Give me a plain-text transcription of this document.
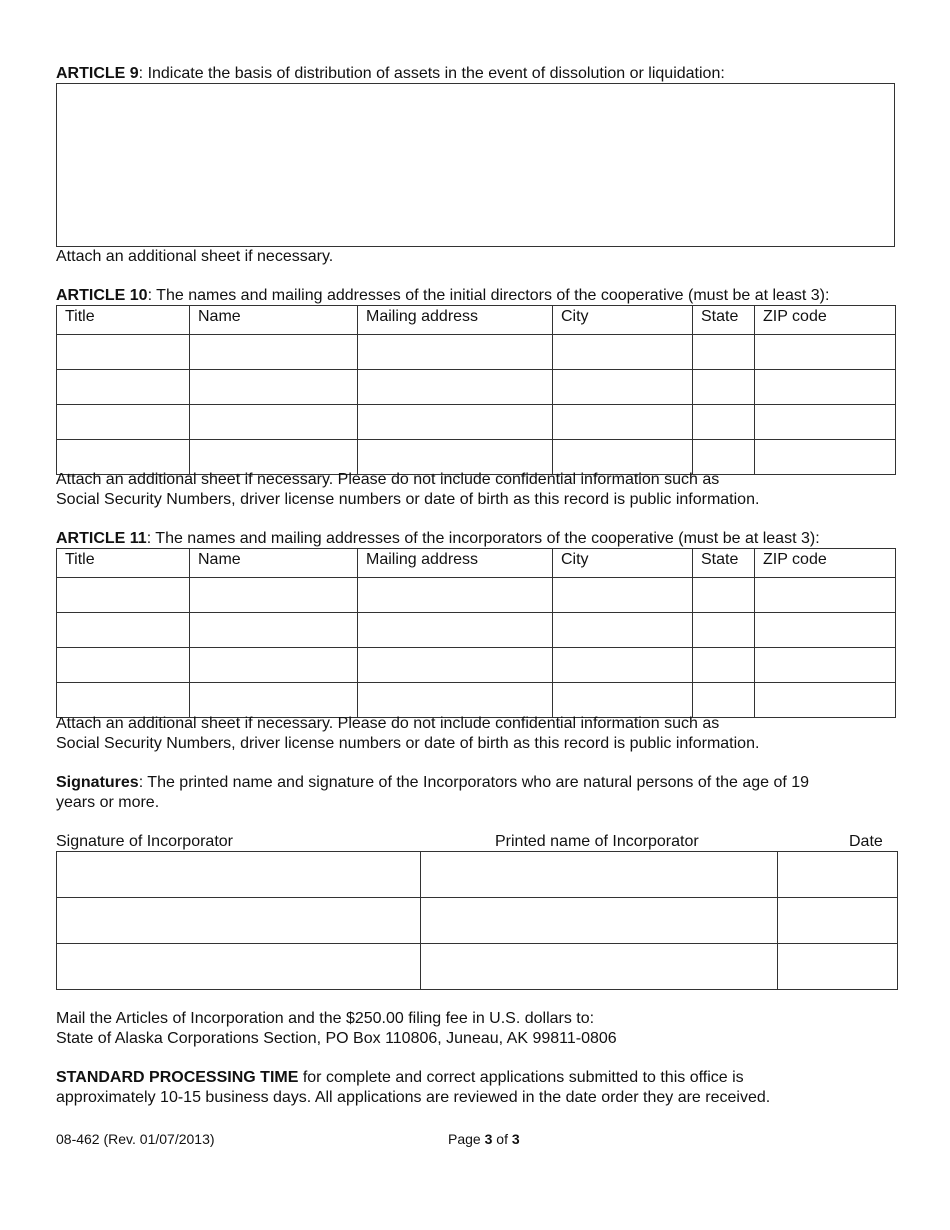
ARTICLE 9: Indicate the basis of distribution of assets in the event of dissolution or liquidation:
Attach an additional sheet if necessary.
ARTICLE 10: The names and mailing addresses of the initial directors of the cooperative (must be at least 3):
Title	Name	Mailing address	City	State	ZIP code

Attach an additional sheet if necessary. Please do not include confidential information such as
Social Security Numbers, driver license numbers or date of birth as this record is public information.
ARTICLE 11: The names and mailing addresses of the incorporators of the cooperative (must be at least 3):
Title	Name	Mailing address	City	State	ZIP code

Attach an additional sheet if necessary. Please do not include confidential information such as
Social Security Numbers, driver license numbers or date of birth as this record is public information.
Signatures: The printed name and signature of the Incorporators who are natural persons of the age of 19
years or more.
Signature of Incorporator	Printed name of Incorporator	Date

Mail the Articles of Incorporation and the $250.00 filing fee in U.S. dollars to:
State of Alaska Corporations Section, PO Box 110806, Juneau, AK 99811-0806
STANDARD PROCESSING TIME for complete and correct applications submitted to this office is
approximately 10-15 business days. All applications are reviewed in the date order they are received.
08-462 (Rev. 01/07/2013)	Page 3 of 3
